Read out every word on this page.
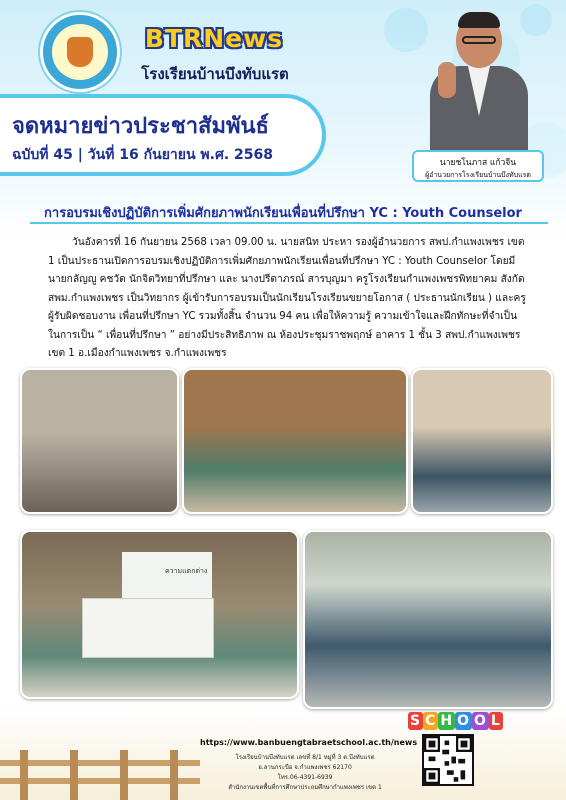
BTRNews
โรงเรียนบ้านบึงทับแรต
จดหมายข่าวประชาสัมพันธ์
ฉบับที่ 45 | วันที่ 16 กันยายน พ.ศ. 2568	นายชโนภาส แก้วจีน
ผู้อำนวยการโรงเรียนบ้านบึงทับแรต
การอบรมเชิงปฏิบัติการเพิ่มศักยภาพนักเรียนเพื่อนที่ปรึกษา YC : Youth Counselor
วันอังคารที่ 16 กันยายน 2568 เวลา 09.00 น. นายสนิท ประหา รองผู้อำนวยการ สพป.กำแพงเพชร เขต 1 เป็นประธานเปิดการอบรมเชิงปฏิบัติการเพิ่มศักยภาพนักเรียนเพื่อนที่ปรึกษา YC : Youth Counselor โดยมี นายกลัญญู คชวัด นักจิตวิทยาที่ปรึกษา และ นางปรีดาภรณ์ สารบุญมา ครูโรงเรียนกำแพงเพชรพิทยาคม สังกัด สพม.กำแพงเพชร เป็นวิทยากร ผู้เข้ารับการอบรมเป็นนักเรียนโรงเรียนขยายโอกาส ( ประธานนักเรียน ) และครูผู้รับผิดชอบงาน เพื่อนที่ปรึกษา YC รวมทั้งสิ้น จำนวน 94 คน เพื่อให้ความรู้ ความเข้าใจและฝึกทักษะที่จำเป็นในการเป็น “ เพื่อนที่ปรึกษา ” อย่างมีประสิทธิภาพ ณ ห้องประชุมราชพฤกษ์ อาคาร 1 ชั้น 3 สพป.กำแพงเพชร เขต 1 อ.เมืองกำแพงเพชร จ.กำแพงเพชร
ความแตกต่าง
S C H O O L
https://www.banbuengtabraetschool.ac.th/news
โรงเรียนบ้านบึงทับแรต เลขที่ 8/1 หมู่ที่ 3 ต.บึงทับแรต
อ.ลานกระบือ จ.กำแพงเพชร 62170
โทร.06-4391-6939
สำนักงานเขตพื้นที่การศึกษาประถมศึกษากำแพงเพชร เขต 1
